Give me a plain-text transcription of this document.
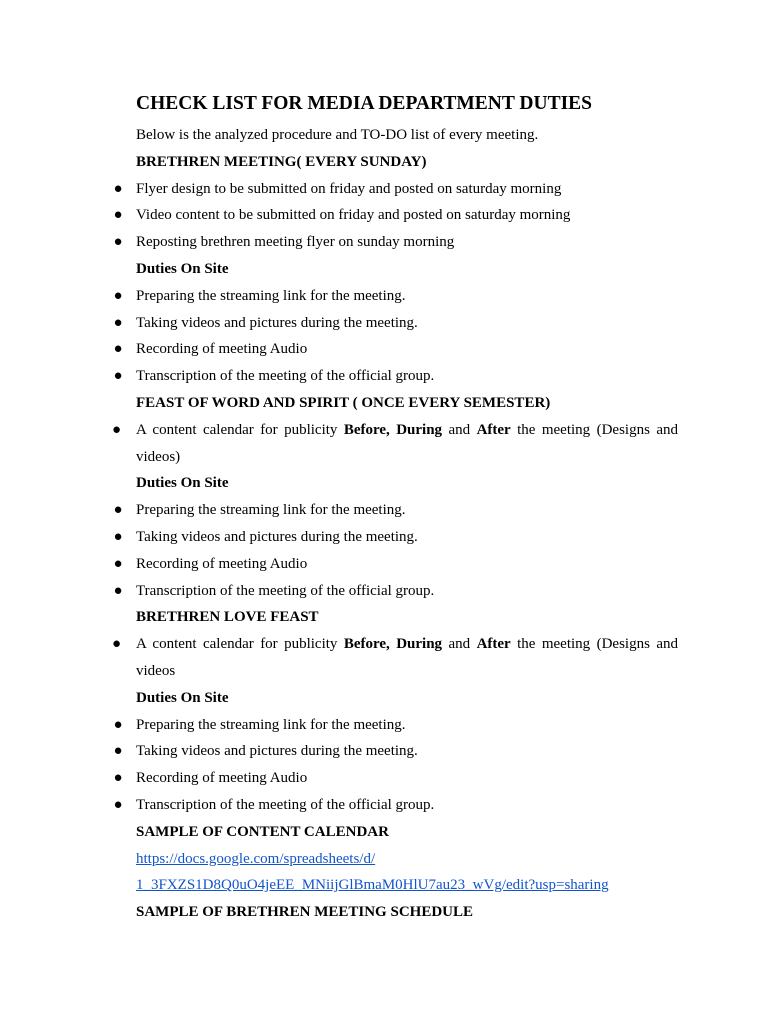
CHECK LIST FOR MEDIA DEPARTMENT DUTIES

Below is the analyzed procedure and TO-DO list of every meeting.

BRETHREN MEETING( EVERY SUNDAY)

● Flyer design to be submitted on friday and posted on saturday morning
● Video content to be submitted on friday and posted on saturday morning
● Reposting brethren meeting flyer on sunday morning

Duties On Site

● Preparing the streaming link for the meeting.
● Taking videos and pictures during the meeting.
● Recording of meeting Audio
● Transcription of the meeting of the official group.

FEAST OF WORD AND SPIRIT ( ONCE EVERY SEMESTER)

● A content calendar for publicity Before, During and After the meeting (Designs and videos)

Duties On Site

● Preparing the streaming link for the meeting.
● Taking videos and pictures during the meeting.
● Recording of meeting Audio
● Transcription of the meeting of the official group.

BRETHREN LOVE FEAST

● A content calendar for publicity Before, During and After the meeting (Designs and videos

Duties On Site

● Preparing the streaming link for the meeting.
● Taking videos and pictures during the meeting.
● Recording of meeting Audio
● Transcription of the meeting of the official group.

SAMPLE OF CONTENT CALENDAR

https://docs.google.com/spreadsheets/d/

1_3FXZS1D8Q0uO4jeEE_MNiijGlBmaM0HlU7au23_wVg/edit?usp=sharing

SAMPLE OF BRETHREN MEETING SCHEDULE
